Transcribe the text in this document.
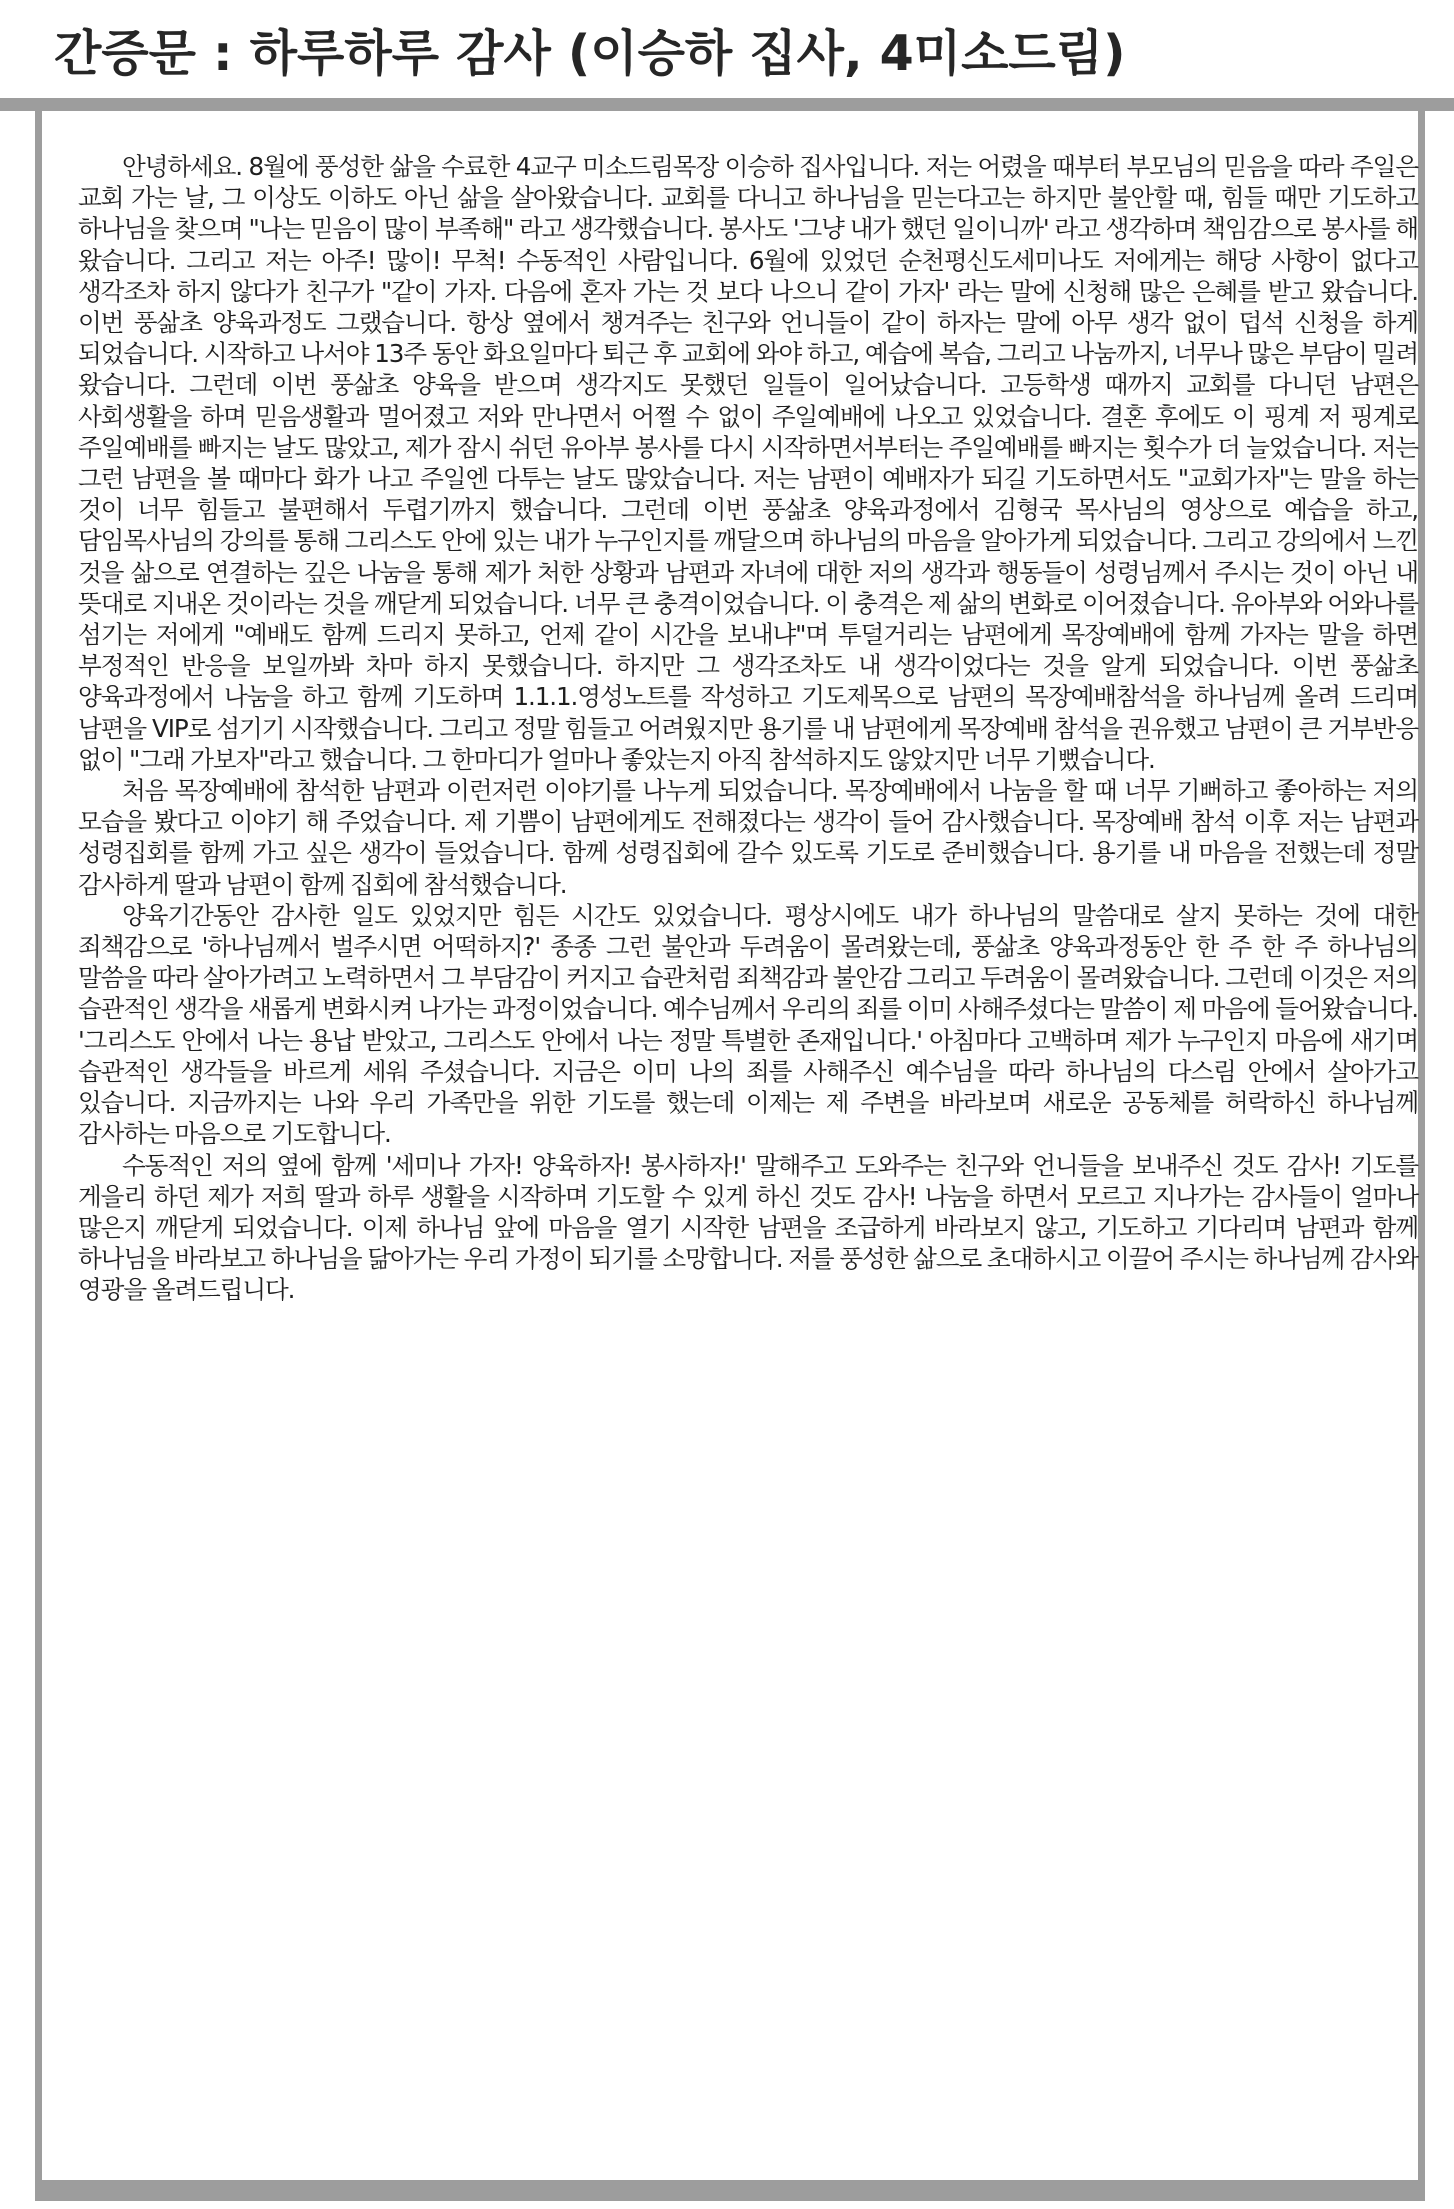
간증문 : 하루하루 감사 (이승하 집사, 4미소드림)

안녕하세요. 8월에 풍성한 삶을 수료한 4교구 미소드림목장 이승하 집사입니다. 저는 어렸을 때부터 부모님의 믿음을 따라 주일은 교회 가는 날, 그 이상도 이하도 아닌 삶을 살아왔습니다. 교회를 다니고 하나님을 믿는다고는 하지만 불안할 때, 힘들 때만 기도하고 하나님을 찾으며 "나는 믿음이 많이 부족해" 라고 생각했습니다. 봉사도 '그냥 내가 했던 일이니까' 라고 생각하며 책임감으로 봉사를 해 왔습니다. 그리고 저는 아주! 많이! 무척! 수동적인 사람입니다. 6월에 있었던 순천평신도세미나도 저에게는 해당 사항이 없다고 생각조차 하지 않다가 친구가 "같이 가자. 다음에 혼자 가는 것 보다 나으니 같이 가자' 라는 말에 신청해 많은 은혜를 받고 왔습니다. 이번 풍삶초 양육과정도 그랬습니다. 항상 옆에서 챙겨주는 친구와 언니들이 같이 하자는 말에 아무 생각 없이 덥석 신청을 하게 되었습니다. 시작하고 나서야 13주 동안 화요일마다 퇴근 후 교회에 와야 하고, 예습에 복습, 그리고 나눔까지, 너무나 많은 부담이 밀려 왔습니다. 그런데 이번 풍삶초 양육을 받으며 생각지도 못했던 일들이 일어났습니다. 고등학생 때까지 교회를 다니던 남편은 사회생활을 하며 믿음생활과 멀어졌고 저와 만나면서 어쩔 수 없이 주일예배에 나오고 있었습니다. 결혼 후에도 이 핑계 저 핑계로 주일예배를 빠지는 날도 많았고, 제가 잠시 쉬던 유아부 봉사를 다시 시작하면서부터는 주일예배를 빠지는 횟수가 더 늘었습니다. 저는 그런 남편을 볼 때마다 화가 나고 주일엔 다투는 날도 많았습니다. 저는 남편이 예배자가 되길 기도하면서도 "교회가자"는 말을 하는 것이 너무 힘들고 불편해서 두렵기까지 했습니다. 그런데 이번 풍삶초 양육과정에서 김형국 목사님의 영상으로 예습을 하고, 담임목사님의 강의를 통해 그리스도 안에 있는 내가 누구인지를 깨달으며 하나님의 마음을 알아가게 되었습니다. 그리고 강의에서 느낀 것을 삶으로 연결하는 깊은 나눔을 통해 제가 처한 상황과 남편과 자녀에 대한 저의 생각과 행동들이 성령님께서 주시는 것이 아닌 내 뜻대로 지내온 것이라는 것을 깨닫게 되었습니다. 너무 큰 충격이었습니다. 이 충격은 제 삶의 변화로 이어졌습니다. 유아부와 어와나를 섬기는 저에게 "예배도 함께 드리지 못하고, 언제 같이 시간을 보내냐"며 투덜거리는 남편에게 목장예배에 함께 가자는 말을 하면 부정적인 반응을 보일까봐 차마 하지 못했습니다. 하지만 그 생각조차도 내 생각이었다는 것을 알게 되었습니다. 이번 풍삶초 양육과정에서 나눔을 하고 함께 기도하며 1.1.1.영성노트를 작성하고 기도제목으로 남편의 목장예배참석을 하나님께 올려 드리며 남편을 VIP로 섬기기 시작했습니다. 그리고 정말 힘들고 어려웠지만 용기를 내 남편에게 목장예배 참석을 권유했고 남편이 큰 거부반응 없이 "그래 가보자"라고 했습니다. 그 한마디가 얼마나 좋았는지 아직 참석하지도 않았지만 너무 기뻤습니다.

처음 목장예배에 참석한 남편과 이런저런 이야기를 나누게 되었습니다. 목장예배에서 나눔을 할 때 너무 기뻐하고 좋아하는 저의 모습을 봤다고 이야기 해 주었습니다. 제 기쁨이 남편에게도 전해졌다는 생각이 들어 감사했습니다. 목장예배 참석 이후 저는 남편과 성령집회를 함께 가고 싶은 생각이 들었습니다. 함께 성령집회에 갈수 있도록 기도로 준비했습니다. 용기를 내 마음을 전했는데 정말 감사하게 딸과 남편이 함께 집회에 참석했습니다.

양육기간동안 감사한 일도 있었지만 힘든 시간도 있었습니다. 평상시에도 내가 하나님의 말씀대로 살지 못하는 것에 대한 죄책감으로 '하나님께서 벌주시면 어떡하지?' 종종 그런 불안과 두려움이 몰려왔는데, 풍삶초 양육과정동안 한 주 한 주 하나님의 말씀을 따라 살아가려고 노력하면서 그 부담감이 커지고 습관처럼 죄책감과 불안감 그리고 두려움이 몰려왔습니다. 그런데 이것은 저의 습관적인 생각을 새롭게 변화시켜 나가는 과정이었습니다. 예수님께서 우리의 죄를 이미 사해주셨다는 말씀이 제 마음에 들어왔습니다. '그리스도 안에서 나는 용납 받았고, 그리스도 안에서 나는 정말 특별한 존재입니다.' 아침마다 고백하며 제가 누구인지 마음에 새기며 습관적인 생각들을 바르게 세워 주셨습니다. 지금은 이미 나의 죄를 사해주신 예수님을 따라 하나님의 다스림 안에서 살아가고 있습니다. 지금까지는 나와 우리 가족만을 위한 기도를 했는데 이제는 제 주변을 바라보며 새로운 공동체를 허락하신 하나님께 감사하는 마음으로 기도합니다.

수동적인 저의 옆에 함께 '세미나 가자! 양육하자! 봉사하자!' 말해주고 도와주는 친구와 언니들을 보내주신 것도 감사! 기도를 게을리 하던 제가 저희 딸과 하루 생활을 시작하며 기도할 수 있게 하신 것도 감사! 나눔을 하면서 모르고 지나가는 감사들이 얼마나 많은지 깨닫게 되었습니다. 이제 하나님 앞에 마음을 열기 시작한 남편을 조급하게 바라보지 않고, 기도하고 기다리며 남편과 함께 하나님을 바라보고 하나님을 닮아가는 우리 가정이 되기를 소망합니다. 저를 풍성한 삶으로 초대하시고 이끌어 주시는 하나님께 감사와 영광을 올려드립니다.
